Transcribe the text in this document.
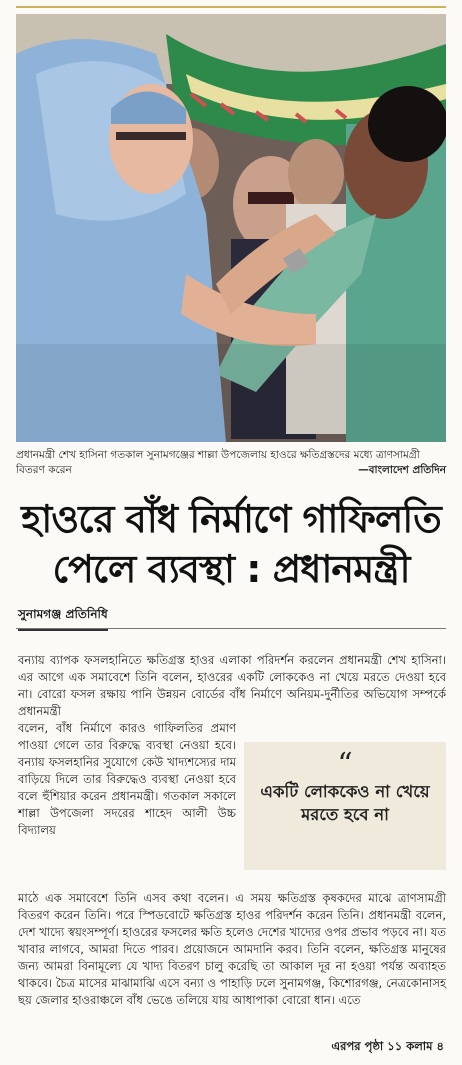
প্রধানমন্ত্রী শেখ হাসিনা গতকাল সুনামগঞ্জের শাল্লা উপজেলায় হাওরে ক্ষতিগ্রস্তদের মধ্যে ত্রাণসামগ্রী বিতরণ করেন	—বাংলাদেশ প্রতিদিন
হাওরে বাঁধ নির্মাণে গাফিলতি
পেলে ব্যবস্থা : প্রধানমন্ত্রী
সুনামগঞ্জ প্রতিনিধি
বন্যায় ব্যাপক ফসলহানিতে ক্ষতিগ্রস্ত হাওর এলাকা পরিদর্শন করলেন প্রধানমন্ত্রী শেখ হাসিনা। এর আগে এক সমাবেশে তিনি বলেন, হাওরের একটি লোককেও না খেয়ে মরতে দেওয়া হবে না। বোরো ফসল রক্ষায় পানি উন্নয়ন বোর্ডের বাঁধ নির্মাণে অনিয়ম-দুর্নীতির অভিযোগ সম্পর্কে প্রধানমন্ত্রী
বলেন, বাঁধ নির্মাণে কারও গাফিলতির প্রমাণ পাওয়া গেলে তার বিরুদ্ধে ব্যবস্থা নেওয়া হবে। বন্যায় ফসলহানির সুযোগে কেউ খাদ্যশস্যের দাম বাড়িয়ে দিলে তার বিরুদ্ধেও ব্যবস্থা নেওয়া হবে বলে হুঁশিয়ার করেন প্রধানমন্ত্রী। গতকাল সকালে শাল্লা উপজেলা সদরের শাহেদ আলী উচ্চ বিদ্যালয়
“
একটি লোককেও না খেয়ে মরতে হবে না
মাঠে এক সমাবেশে তিনি এসব কথা বলেন। এ সময় ক্ষতিগ্রস্ত কৃষকদের মাঝে ত্রাণসামগ্রী বিতরণ করেন তিনি। পরে স্পিডবোটে ক্ষতিগ্রস্ত হাওর পরিদর্শন করেন তিনি। প্রধানমন্ত্রী বলেন, দেশ খাদ্যে স্বয়ংসম্পূর্ণ। হাওরের ফসলের ক্ষতি হলেও দেশের খাদ্যের ওপর প্রভাব পড়বে না। যত খাবার লাগবে, আমরা দিতে পারব। প্রয়োজনে আমদানি করব। তিনি বলেন, ক্ষতিগ্রস্ত মানুষের জন্য আমরা বিনামূল্যে যে খাদ্য বিতরণ চালু করেছি তা আকাল দূর না হওয়া পর্যন্ত অব্যাহত থাকবে। চৈত্র মাসের মাঝামাঝি এসে বন্যা ও পাহাড়ি ঢলে সুনামগঞ্জ, কিশোরগঞ্জ, নেত্রকোনাসহ ছয় জেলার হাওরাঞ্চলে বাঁধ ভেঙে তলিয়ে যায় আধাপাকা বোরো ধান। এতে
এরপর পৃষ্ঠা ১১ কলাম ৪
